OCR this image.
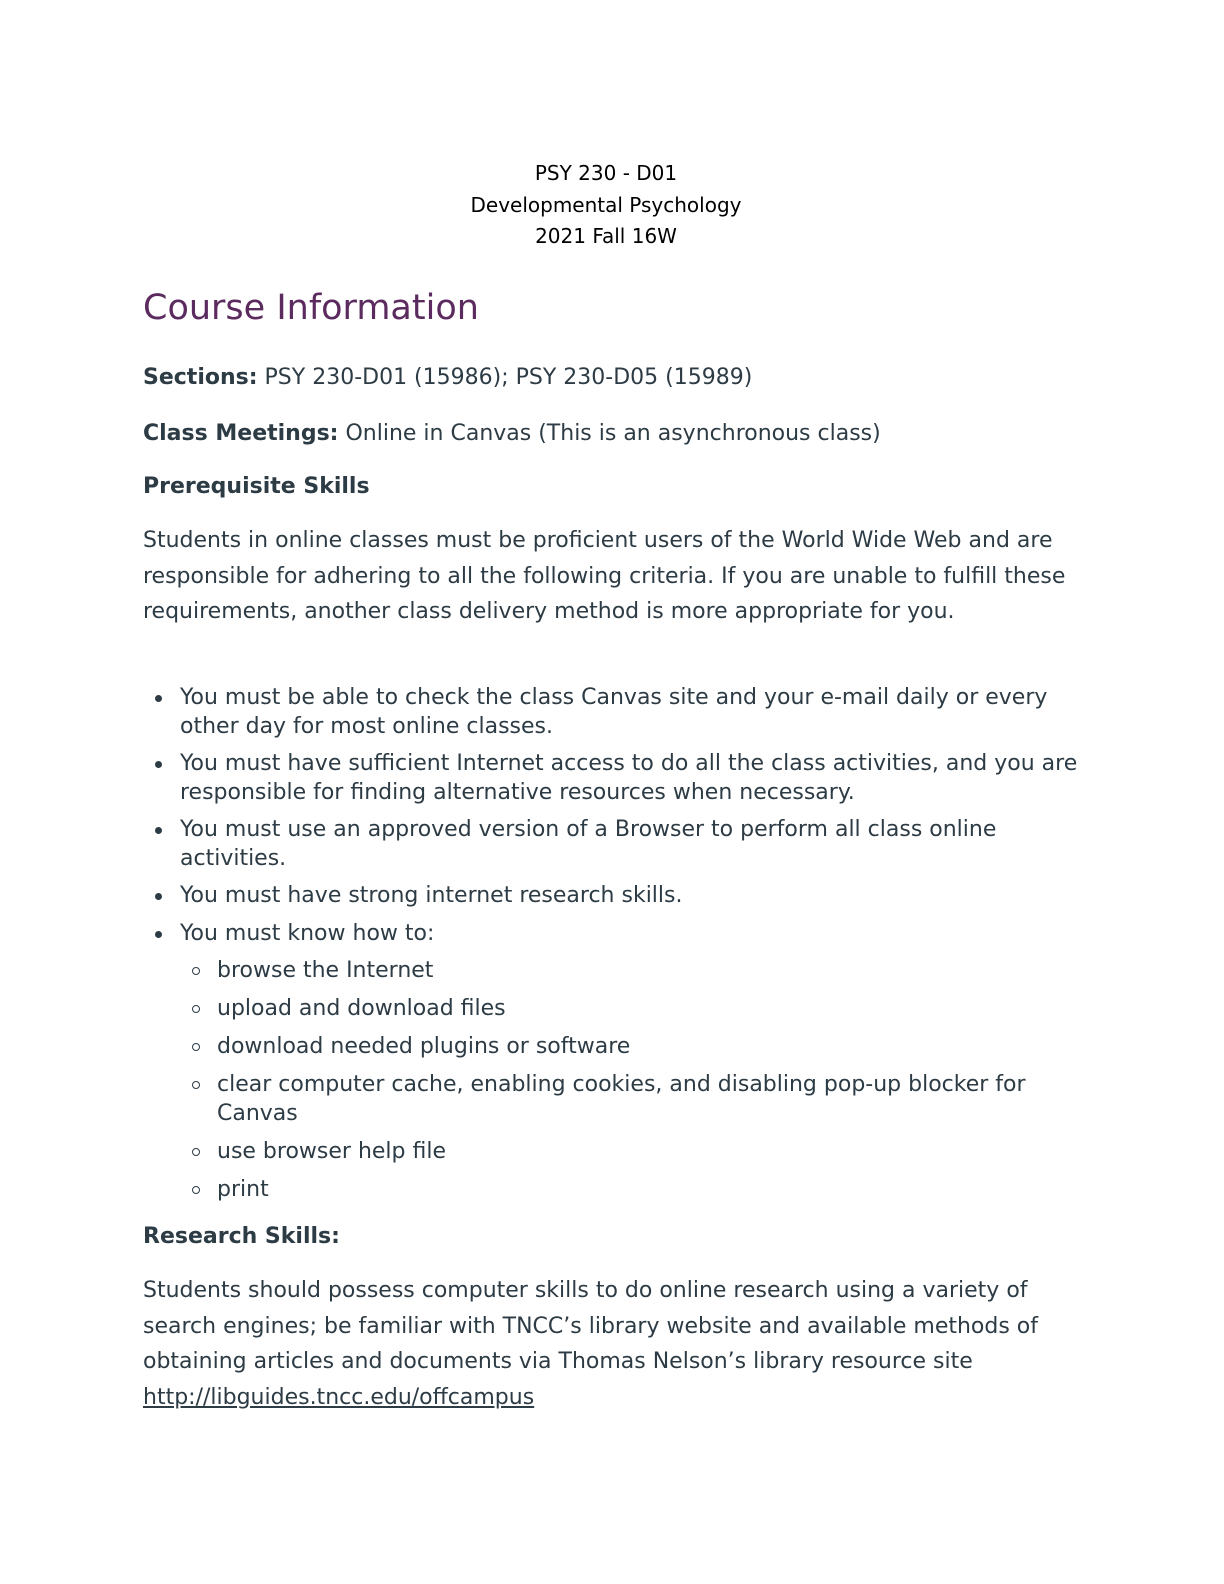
PSY 230 - D01
Developmental Psychology
2021 Fall 16W
Course Information

Sections: PSY 230-D01 (15986); PSY 230-D05 (15989)

Class Meetings: Online in Canvas (This is an asynchronous class)

Prerequisite Skills

Students in online classes must be proficient users of the World Wide Web and are responsible for adhering to all the following criteria. If you are unable to fulfill these requirements, another class delivery method is more appropriate for you.

You must be able to check the class Canvas site and your e-mail daily or every other day for most online classes.
You must have sufficient Internet access to do all the class activities, and you are responsible for finding alternative resources when necessary.
You must use an approved version of a Browser to perform all class online activities.
You must have strong internet research skills.
You must know how to:
browse the Internet
upload and download files
download needed plugins or software
clear computer cache, enabling cookies, and disabling pop-up blocker for Canvas
use browser help file
print
Research Skills:

Students should possess computer skills to do online research using a variety of search engines; be familiar with TNCC’s library website and available methods of obtaining articles and documents via Thomas Nelson’s library resource site http://libguides.tncc.edu/offcampus
